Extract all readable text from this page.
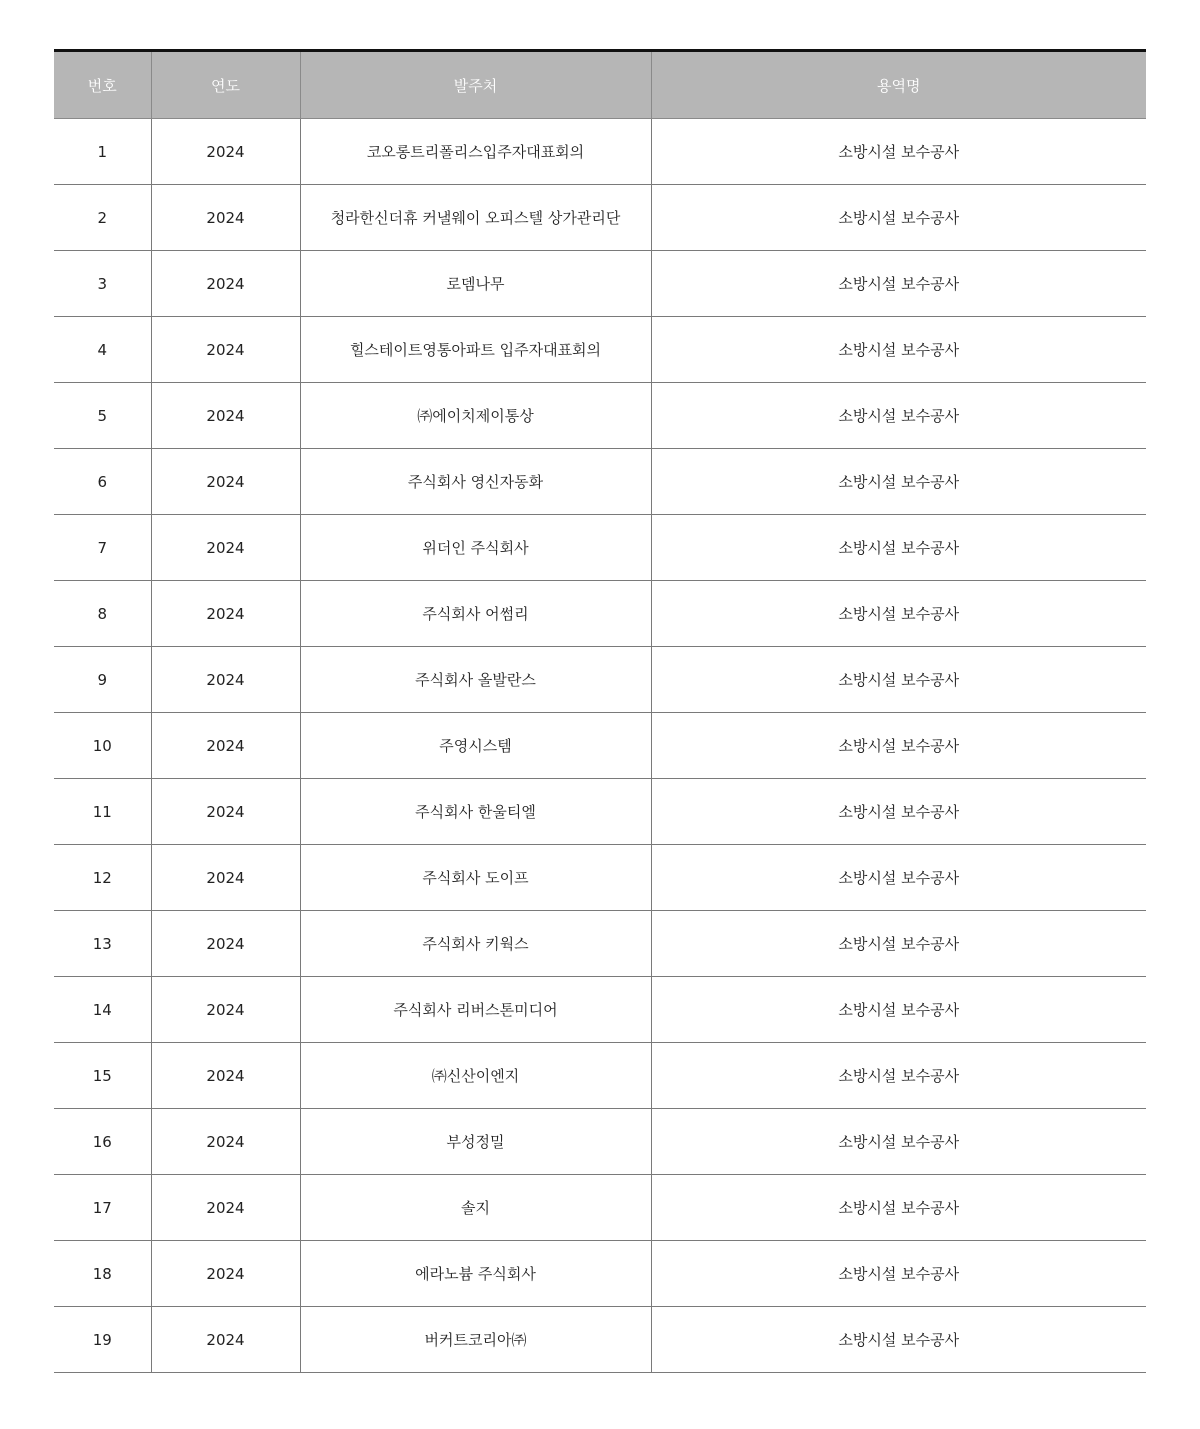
번호	연도	발주처	용역명
1	2024	코오롱트리폴리스입주자대표회의	소방시설 보수공사
2	2024	청라한신더휴 커낼웨이 오피스텔 상가관리단	소방시설 보수공사
3	2024	로뎀나무	소방시설 보수공사
4	2024	힐스테이트영통아파트 입주자대표회의	소방시설 보수공사
5	2024	㈜에이치제이통상	소방시설 보수공사
6	2024	주식회사 영신자동화	소방시설 보수공사
7	2024	위더인 주식회사	소방시설 보수공사
8	2024	주식회사 어썸리	소방시설 보수공사
9	2024	주식회사 올발란스	소방시설 보수공사
10	2024	주영시스템	소방시설 보수공사
11	2024	주식회사 한울티엘	소방시설 보수공사
12	2024	주식회사 도이프	소방시설 보수공사
13	2024	주식회사 키웍스	소방시설 보수공사
14	2024	주식회사 리버스톤미디어	소방시설 보수공사
15	2024	㈜신산이엔지	소방시설 보수공사
16	2024	부성정밀	소방시설 보수공사
17	2024	솔지	소방시설 보수공사
18	2024	에라노븀 주식회사	소방시설 보수공사
19	2024	버커트코리아㈜	소방시설 보수공사
